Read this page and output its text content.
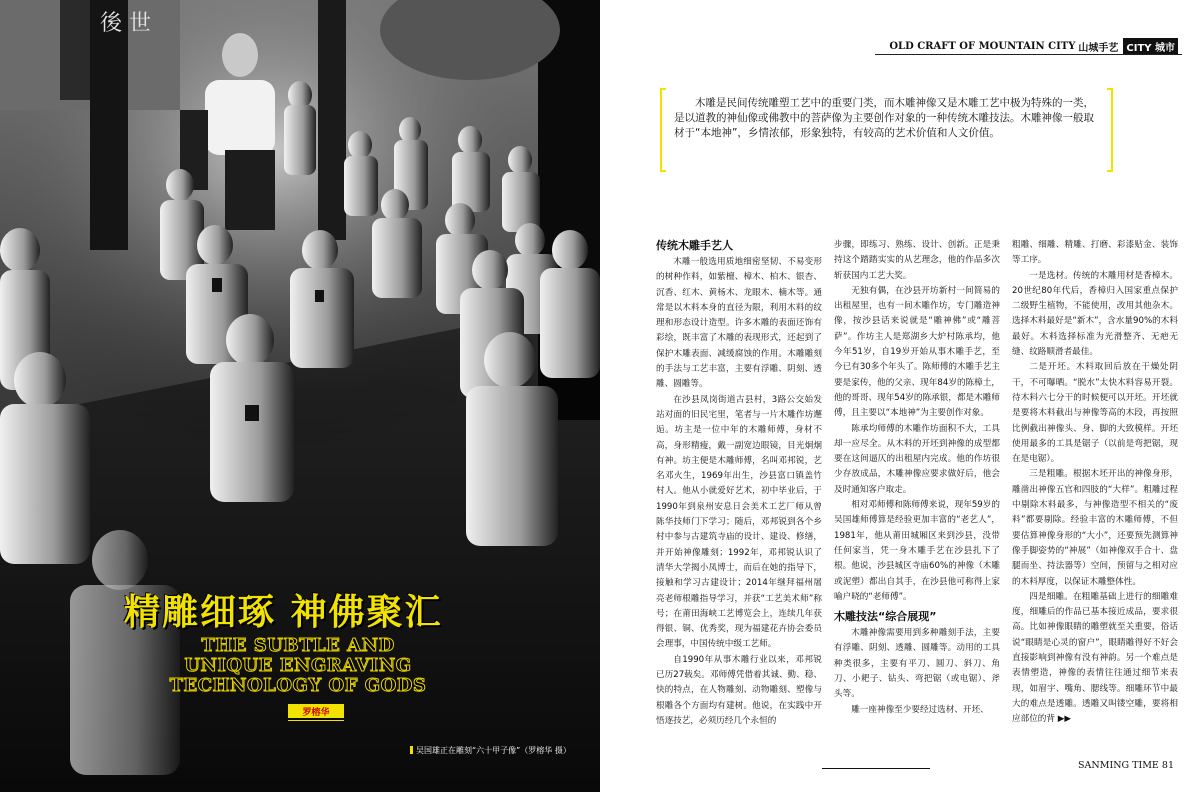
後 世
精雕细琢 神佛聚汇
THE SUBTLE AND
UNIQUE ENGRAVING
TECHNOLOGY OF GODS
罗榕华
吴国雄正在雕刻“六十甲子像”（罗榕华 摄）
OLD CRAFT OF MOUNTAIN CITY 山城手艺 CITY 城市

木雕是民间传统雕塑工艺中的重要门类，而木雕神像又是木雕工艺中极为特殊的一类，是以道教的神仙像或佛教中的菩萨像为主要创作对象的一种传统木雕技法。木雕神像一般取材于“本地神”，乡情浓郁，形象独特，有较高的艺术价值和人文价值。

传统木雕手艺人

木雕一般选用质地细密坚韧、不易变形的树种作料，如紫檀、樟木、柏木、银杏、沉香、红木、黄杨木、龙眼木、楠木等。通常是以木料本身的直径为限，利用木料的纹理和形态设计造型。许多木雕的表面还饰有彩绘，既丰富了木雕的表现形式，还起到了保护木雕表面、减缓腐蚀的作用。木雕雕刻的手法与工艺丰富，主要有浮雕、阴刻、透雕、圆雕等。

在沙县凤岗街道古县村，3路公交始发站对面的旧民宅里，笔者与一片木雕作坊邂逅。坊主是一位中年的木雕师傅，身材不高，身形精瘦，戴一副宽边眼镜，目光炯炯有神。坊主便是木雕师傅，名叫邓邦锐，艺名邓火生，1969年出生，沙县富口镇盖竹村人。他从小就爱好艺术，初中毕业后，于1990年到泉州安息日会美术工艺厂师从曾陈华技师门下学习；随后，邓邦锐到各个乡村中参与古建筑寺庙的设计、建设、修缮，并开始神像雕刻；1992年，邓邦锐认识了清华大学揭小凤博士，而后在她的指导下，接触和学习古建设计；2014年继拜福州屠亮老师根雕指导学习，并获“工艺美术师”称号；在莆田海峡工艺博览会上，连续几年获得银、铜、优秀奖，现为福建花卉协会委员会理事，中国传统中级工艺师。

自1990年从事木雕行业以来，邓邦锐已历27载矣。邓师傅凭借着其诚、勤、稳、快的特点，在人物雕刻、动物雕刻、塑像与根雕各个方面均有建树。他说，在实践中开悟逐技艺，必须历经几个永恒的

步骤，即练习、熟练、设计、创新。正是秉持这个踏踏实实的从艺理念，他的作品多次斩获国内工艺大奖。

无独有偶，在沙县开坊新村一间简易的出租屋里，也有一间木雕作坊，专门雕造神像，按沙县话来说就是“雕神佛”或“雕菩萨”。作坊主人是郑湖乡大炉村陈承均，他今年51岁，自19岁开始从事木雕手艺，至今已有30多个年头了。陈师傅的木雕手艺主要是家传，他的父亲、现年84岁的陈樟土，他的哥哥、现年54岁的陈承银，都是木雕师傅，且主要以“本地神”为主要创作对象。

陈承均师傅的木雕作坊面积不大，工具却一应尽全。从木料的开坯到神像的成型都要在这间逼仄的出租屋内完成。他的作坊很少存放成品，木雕神像应要求做好后，他会及时通知客户取走。

相对邓师傅和陈师傅来说，现年59岁的吴国雄师傅算是经验更加丰富的“老艺人”，1981年，他从莆田城厢区来到沙县，没带任何家当，凭一身木雕手艺在沙县扎下了根。他说，沙县城区寺庙60%的神像（木雕或泥塑）都出自其手，在沙县他可称得上家喻户晓的“老师傅”。

木雕技法“综合展现”

木雕神像需要用到多种雕刻手法，主要有浮雕、阴刻、透雕、圆雕等。动用的工具种类很多，主要有平刀、圆刀、斜刀、角刀、小耙子、钻头、弯把锯（或电锯）、斧头等。

雕一座神像至少要经过选材、开坯、

粗雕、细雕、精雕、打磨、彩漆贴金、装饰等工序。

一是选材。传统的木雕用材是香樟木。20世纪80年代后，香樟归入国家重点保护二级野生植物，不能使用，改用其他杂木。选择木料最好是“新木”，含水量90%的木料最好。木料选择标准为光滑整齐、无疤无缝、纹路顺滑者最佳。

二是开坯。木料取回后放在干燥处阴干，不可曝晒。“脱水”太快木料容易开裂。待木料六七分干的时候便可以开坯。开坯就是要将木料截出与神像等高的木段，再按照比例截出神像头、身、脚的大致模样。开坯使用最多的工具是锯子（以前是弯把锯，现在是电锯）。

三是粗雕。根据木坯开出的神像身形，雕凿出神像五官和四肢的“大样”。粗雕过程中剔除木料最多，与神像造型不相关的“废料”都要剔除。经验丰富的木雕师傅，不但要估算神像身形的“大小”，还要预先测算神像手脚姿势的“神展”（如神像双手合十、盘腿而坐、持法器等）空间，预留与之相对应的木料厚度，以保证木雕整体性。

四是细雕。在粗雕基础上进行的细雕难度，细雕后的作品已基本接近成品，要求很高。比如神像眼睛的雕塑就至关重要，俗话说“眼睛是心灵的窗户”，眼睛雕得好不好会直接影响到神像有没有神韵。另一个难点是表情塑造，神像的表情往往通过细节来表现，如眉宇、嘴角、腮线等。细雕环节中最大的难点是透雕。透雕又叫镂空雕，要将相应部位的背 ▶▶

SANMING TIME 81
